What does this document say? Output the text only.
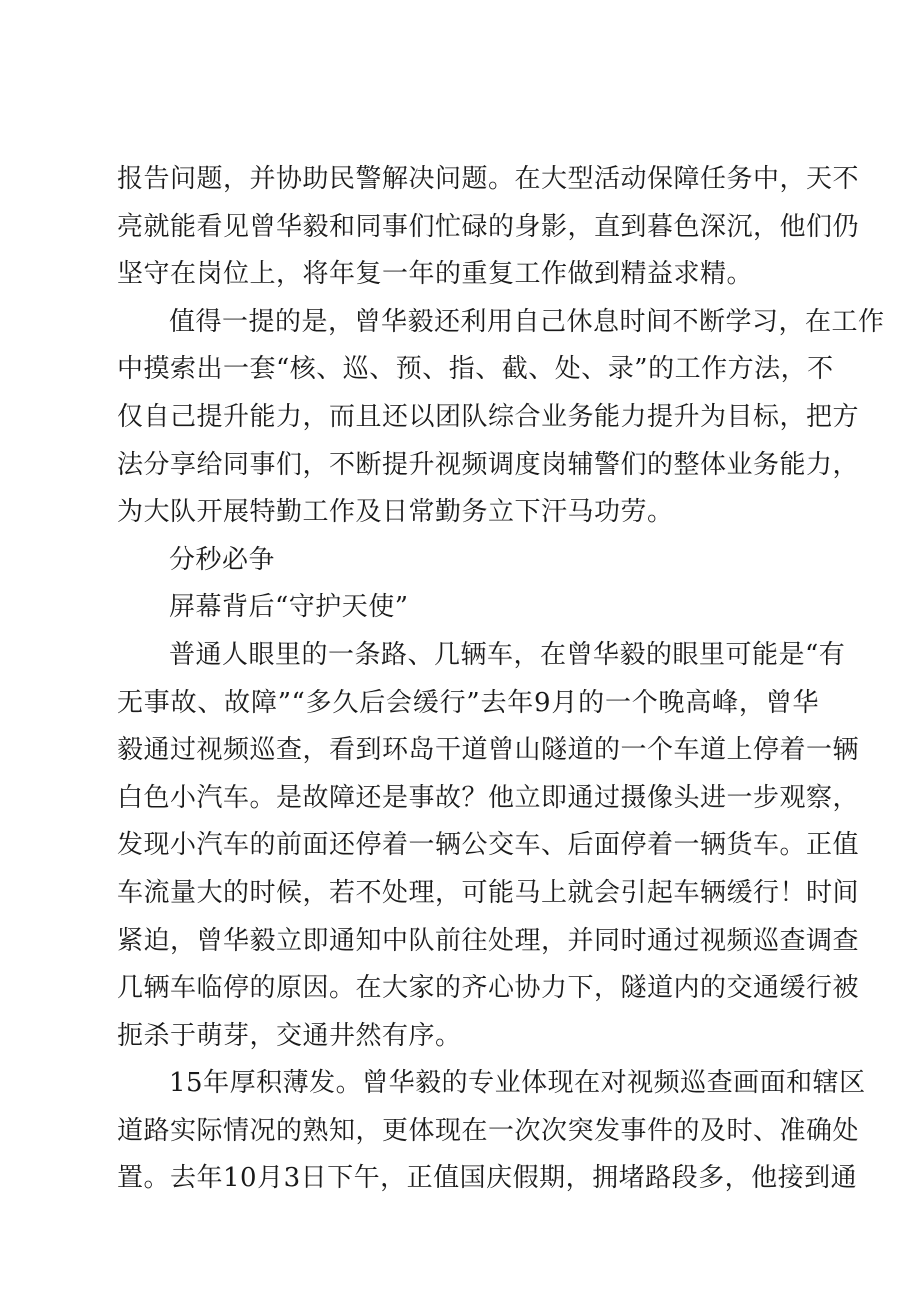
报告问题，并协助民警解决问题。在大型活动保障任务中，天不
亮就能看见曾华毅和同事们忙碌的身影，直到暮色深沉，他们仍
坚守在岗位上，将年复一年的重复工作做到精益求精。
值得一提的是，曾华毅还利用自己休息时间不断学习，在工作
中摸索出一套“核、巡、预、指、截、处、录”的工作方法，不
仅自己提升能力，而且还以团队综合业务能力提升为目标，把方
法分享给同事们，不断提升视频调度岗辅警们的整体业务能力，
为大队开展特勤工作及日常勤务立下汗马功劳。
分秒必争
屏幕背后“守护天使”
普通人眼里的一条路、几辆车，在曾华毅的眼里可能是“有
无事故、故障”“多久后会缓行”去年9月的一个晚高峰，曾华
毅通过视频巡查，看到环岛干道曾山隧道的一个车道上停着一辆
白色小汽车。是故障还是事故？他立即通过摄像头进一步观察，
发现小汽车的前面还停着一辆公交车、后面停着一辆货车。正值
车流量大的时候，若不处理，可能马上就会引起车辆缓行！时间
紧迫，曾华毅立即通知中队前往处理，并同时通过视频巡查调查
几辆车临停的原因。在大家的齐心协力下，隧道内的交通缓行被
扼杀于萌芽，交通井然有序。
15年厚积薄发。曾华毅的专业体现在对视频巡查画面和辖区
道路实际情况的熟知，更体现在一次次突发事件的及时、准确处
置。去年10月3日下午，正值国庆假期，拥堵路段多，他接到通
